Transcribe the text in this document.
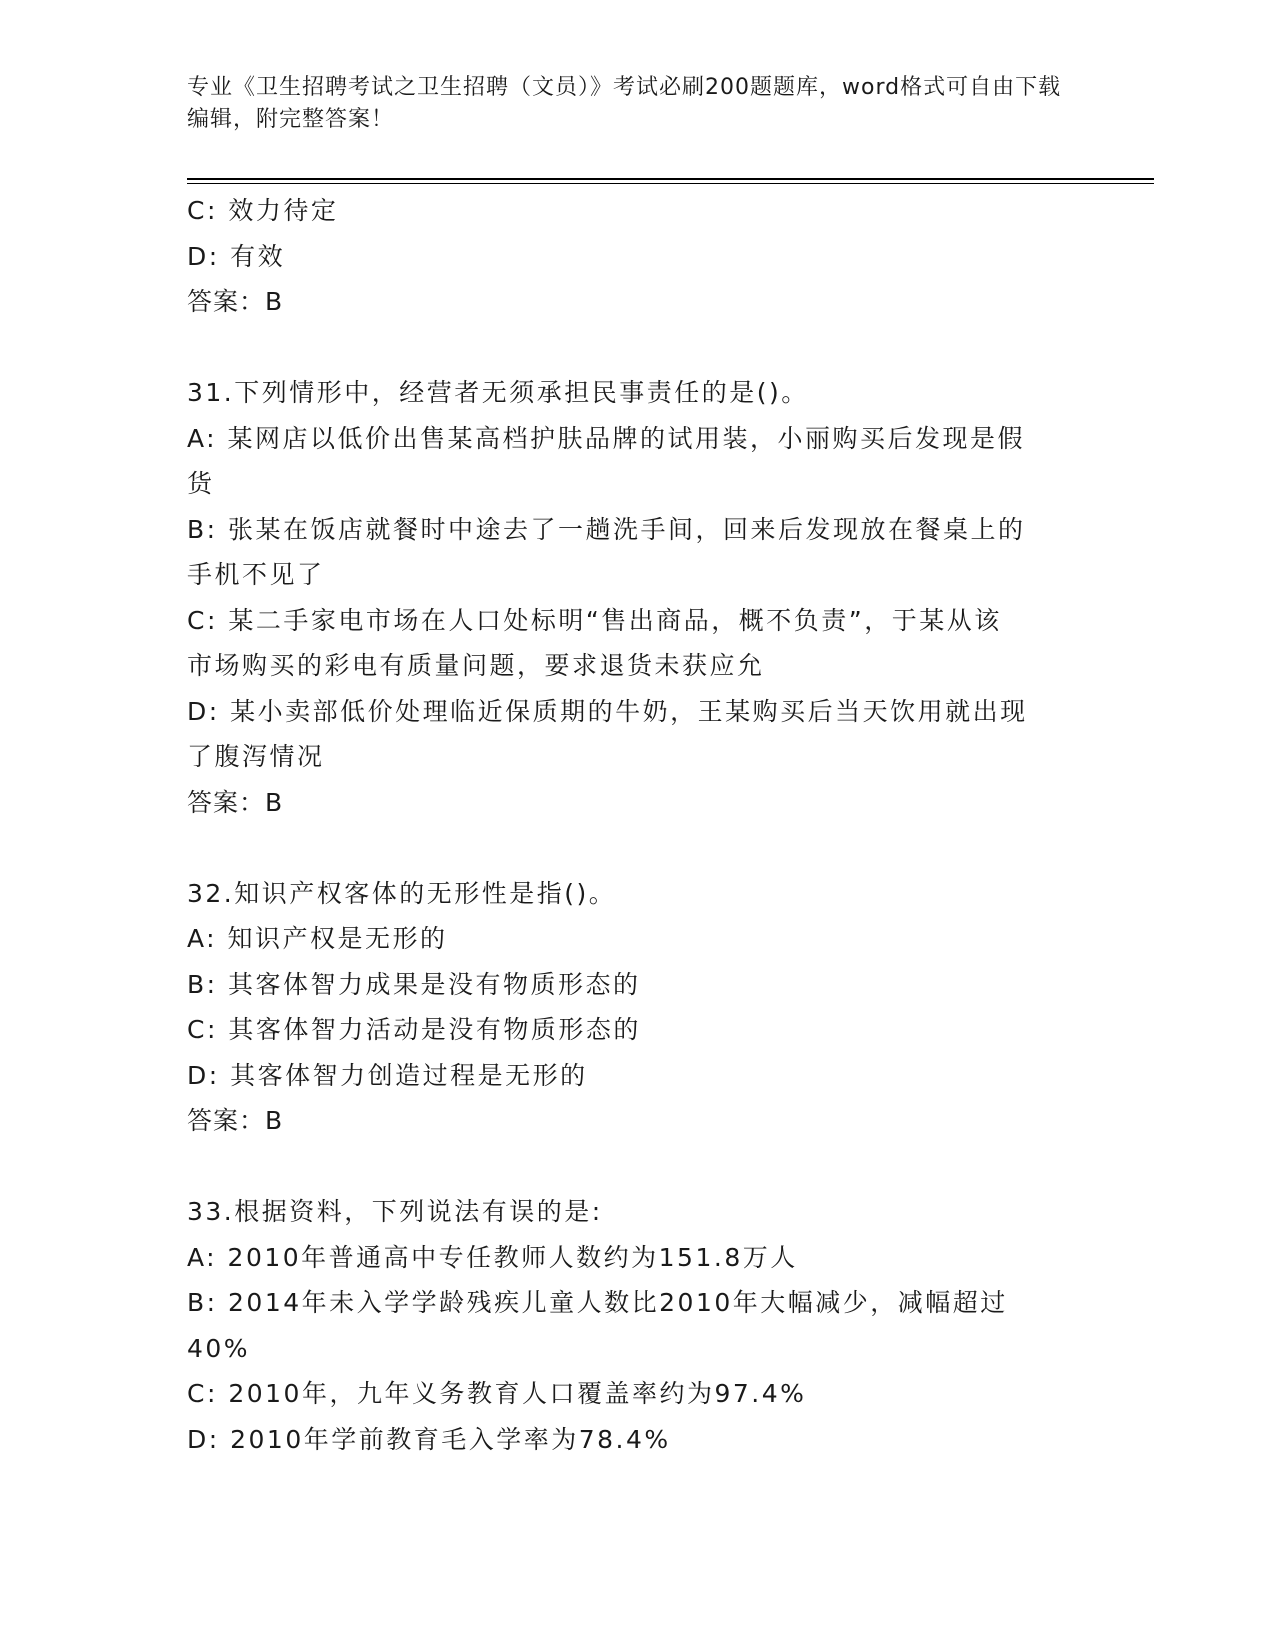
专业《卫生招聘考试之卫生招聘（文员）》考试必刷200题题库，word格式可自由下载编辑，附完整答案！
C: 效力待定
D: 有效
答案：B
31.下列情形中，经营者无须承担民事责任的是()。
A: 某网店以低价出售某高档护肤品牌的试用装，小丽购买后发现是假
货
B: 张某在饭店就餐时中途去了一趟洗手间，回来后发现放在餐桌上的
手机不见了
C: 某二手家电市场在人口处标明“售出商品，概不负责”，于某从该
市场购买的彩电有质量问题，要求退货未获应允
D: 某小卖部低价处理临近保质期的牛奶，王某购买后当天饮用就出现
了腹泻情况
答案：B
32.知识产权客体的无形性是指()。
A: 知识产权是无形的
B: 其客体智力成果是没有物质形态的
C: 其客体智力活动是没有物质形态的
D: 其客体智力创造过程是无形的
答案：B
33.根据资料，下列说法有误的是:
A: 2010年普通高中专任教师人数约为151.8万人
B: 2014年未入学学龄残疾儿童人数比2010年大幅减少，减幅超过
40%
C: 2010年，九年义务教育人口覆盖率约为97.4%
D: 2010年学前教育毛入学率为78.4%
